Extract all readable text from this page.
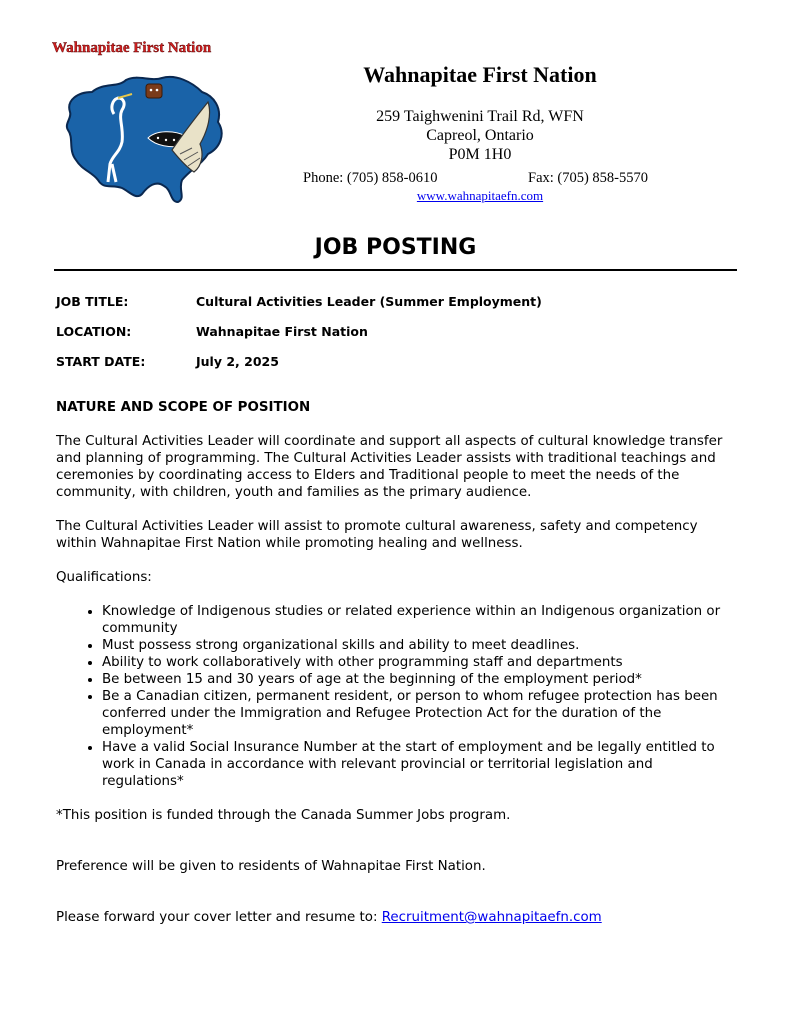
Wahnapitae First Nation
Wahnapitae First Nation
259 Taighwenini Trail Rd, WFN
Capreol, Ontario
P0M 1H0
Phone: (705) 858-0610	Fax: (705) 858-5570
www.wahnapitaefn.com
JOB POSTING
JOB TITLE:	Cultural Activities Leader (Summer Employment)
LOCATION:	Wahnapitae First Nation
START DATE:	July 2, 2025

NATURE AND SCOPE OF POSITION

The Cultural Activities Leader will coordinate and support all aspects of cultural knowledge transfer and planning of programming. The Cultural Activities Leader assists with traditional teachings and ceremonies by coordinating access to Elders and Traditional people to meet the needs of the community, with children, youth and families as the primary audience.

The Cultural Activities Leader will assist to promote cultural awareness, safety and competency within Wahnapitae First Nation while promoting healing and wellness.

Qualifications:

• Knowledge of Indigenous studies or related experience within an Indigenous organization or community
• Must possess strong organizational skills and ability to meet deadlines.
• Ability to work collaboratively with other programming staff and departments
• Be between 15 and 30 years of age at the beginning of the employment period*
• Be a Canadian citizen, permanent resident, or person to whom refugee protection has been conferred under the Immigration and Refugee Protection Act for the duration of the employment*
• Have a valid Social Insurance Number at the start of employment and be legally entitled to work in Canada in accordance with relevant provincial or territorial legislation and regulations*

*This position is funded through the Canada Summer Jobs program.

Preference will be given to residents of Wahnapitae First Nation.

Please forward your cover letter and resume to: Recruitment@wahnapitaefn.com
